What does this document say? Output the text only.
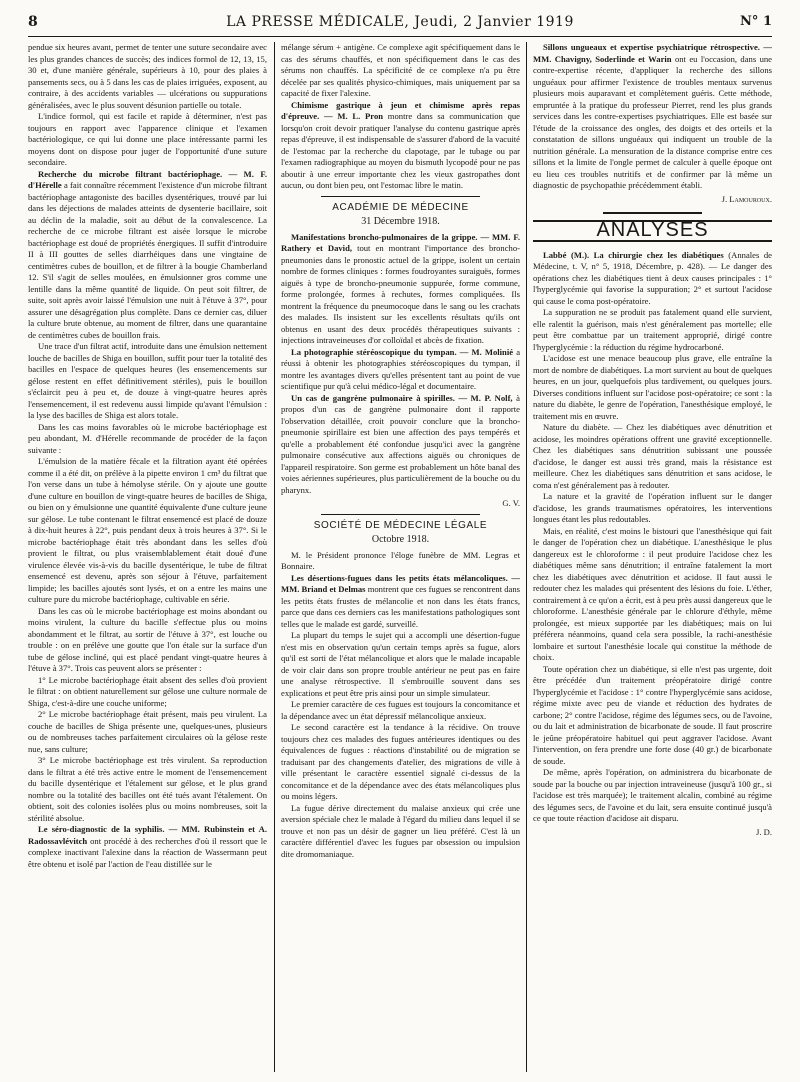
8	LA PRESSE MÉDICALE, Jeudi, 2 Janvier 1919	N° 1

pendue six heures avant, permet de tenter une suture secondaire avec les plus grandes chances de succès; des indices formol de 12, 13, 15, 30 et, d'une manière générale, supérieurs à 10, pour des plaies à pansements secs, ou à 5 dans les cas de plaies irriguées, exposent, au contraire, à des accidents variables — ulcérations ou suppurations généralisées, avec le plus souvent désunion partielle ou totale.

L'indice formol, qui est facile et rapide à déterminer, n'est pas toujours en rapport avec l'apparence clinique et l'examen bactériologique, ce qui lui donne une place intéressante parmi les moyens dont on dispose pour juger de l'opportunité d'une suture secondaire.

Recherche du microbe filtrant bactériophage. — M. F. d'Hérelle a fait connaître récemment l'existence d'un microbe filtrant bactériophage antagoniste des bacilles dysentériques, trouvé par lui dans les déjections de malades atteints de dysenterie bacillaire, soit au déclin de la maladie, soit au début de la convalescence. La recherche de ce microbe filtrant est aisée lorsque le microbe bactériophage est doué de propriétés énergiques. Il suffit d'introduire II à III gouttes de selles diarrhéiques dans une vingtaine de centimètres cubes de bouillon, et de filtrer à la bougie Chamberland 12. S'il s'agit de selles moulées, en émulsionner gros comme une lentille dans la même quantité de liquide. On peut soit filtrer, de suite, soit après avoir laissé l'émulsion une nuit à l'étuve à 37°, pour assurer une désagrégation plus complète. Dans ce dernier cas, diluer la culture brute obtenue, au moment de filtrer, dans une quarantaine de centimètres cubes de bouillon frais.

Une trace d'un filtrat actif, introduite dans une émulsion nettement louche de bacilles de Shiga en bouillon, suffit pour tuer la totalité des bacilles en l'espace de quelques heures (les ensemencements sur gélose restent en effet définitivement stériles), puis le bouillon s'éclaircit peu à peu et, de douze à vingt-quatre heures après l'ensemencement, il est redevenu aussi limpide qu'avant l'émulsion : la lyse des bacilles de Shiga est alors totale.

Dans les cas moins favorables où le microbe bactériophage est peu abondant, M. d'Hérelle recommande de procéder de la façon suivante :

L'émulsion de la matière fécale et la filtration ayant été opérées comme il a été dit, on prélève à la pipette environ 1 cm³ du filtrat que l'on verse dans un tube à hémolyse stérile. On y ajoute une goutte d'une culture en bouillon de vingt-quatre heures de bacilles de Shiga, ou bien on y émulsionne une quantité équivalente d'une culture jeune sur gélose. Le tube contenant le filtrat ensemencé est placé de douze à dix-huit heures à 22°, puis pendant deux à trois heures à 37°. Si le microbe bactériophage était très abondant dans les selles d'où provient le filtrat, ou plus vraisemblablement était doué d'une virulence élevée vis-à-vis du bacille dysentérique, le tube de filtrat ensemencé est devenu, après son séjour à l'étuve, parfaitement limpide; les bacilles ajoutés sont lysés, et on a entre les mains une culture pure du microbe bactériophage, cultivable en série.

Dans les cas où le microbe bactériophage est moins abondant ou moins virulent, la culture du bacille s'effectue plus ou moins abondamment et le filtrat, au sortir de l'étuve à 37°, est louche ou trouble : on en prélève une goutte que l'on étale sur la surface d'un tube de gélose incliné, qui est placé pendant vingt-quatre heures à l'étuve à 37°. Trois cas peuvent alors se présenter :

1° Le microbe bactériophage était absent des selles d'où provient le filtrat : on obtient naturellement sur gélose une culture normale de Shiga, c'est-à-dire une couche uniforme;

2° Le microbe bactériophage était présent, mais peu virulent. La couche de bacilles de Shiga présente une, quelques-unes, plusieurs ou de nombreuses taches parfaitement circulaires où la gélose reste nue, sans culture;

3° Le microbe bactériophage est très virulent. Sa reproduction dans le filtrat a été très active entre le moment de l'ensemencement du bacille dysentérique et l'étalement sur gélose, et le plus grand nombre ou la totalité des bacilles ont été tués avant l'étalement. On obtient, soit des colonies isolées plus ou moins nombreuses, soit la stérilité absolue.

Le séro-diagnostic de la syphilis. — MM. Rubinstein et A. Radossavlévitch ont procédé à des recherches d'où il ressort que le complexe inactivant l'alexine dans la réaction de Wassermann peut être obtenu et isolé par l'action de l'eau distillée sur le

mélange sérum + antigène. Ce complexe agit spécifiquement dans le cas des sérums chauffés, et non spécifiquement dans le cas des sérums non chauffés. La spécificité de ce complexe n'a pu être décelée par ses qualités physico-chimiques, mais uniquement par sa capacité de fixer l'alexine.

Chimisme gastrique à jeun et chimisme après repas d'épreuve. — M. L. Pron montre dans sa communication que lorsqu'on croit devoir pratiquer l'analyse du contenu gastrique après repas d'épreuve, il est indispensable de s'assurer d'abord de la vacuité de l'estomac par la recherche du clapotage, par le tubage ou par l'examen radiographique au moyen du bismuth lycopodé pour ne pas aboutir à une erreur importante chez les vieux gastropathes dont aucun, ou dont bien peu, ont l'estomac libre le matin.

ACADÉMIE DE MÉDECINE
31 Décembre 1918.

Manifestations broncho-pulmonaires de la grippe. — MM. F. Rathery et David, tout en montrant l'importance des broncho-pneumonies dans le pronostic actuel de la grippe, isolent un certain nombre de formes cliniques : formes foudroyantes suraiguës, formes aiguës à type de broncho-pneumonie suppurée, forme commune, forme prolongée, formes à rechutes, formes compliquées. Ils montrent la fréquence du pneumocoque dans le sang ou les crachats des malades. Ils insistent sur les excellents résultats qu'ils ont obtenus en usant des deux procédés thérapeutiques suivants : injections intraveineuses d'or colloïdal et abcès de fixation.

La photographie stéréoscopique du tympan. — M. Molinié a réussi à obtenir les photographies stéréoscopiques du tympan, il montre les avantages divers qu'elles présentent tant au point de vue scientifique pur qu'à celui médico-légal et documentaire.

Un cas de gangrène pulmonaire à spirilles. — M. P. Nolf, à propos d'un cas de gangrène pulmonaire dont il rapporte l'observation détaillée, croit pouvoir conclure que la broncho-pneumonie spirillaire est bien une affection des pays tempérés et qu'elle a probablement été confondue jusqu'ici avec la gangrène pulmonaire consécutive aux affections aiguës ou chroniques de l'appareil respiratoire. Son germe est probablement un hôte banal des voies aériennes supérieures, plus particulièrement de la bouche ou du pharynx.

G. V.

SOCIÉTÉ DE MÉDECINE LÉGALE
Octobre 1918.

M. le Président prononce l'éloge funèbre de MM. Legras et Bonnaire.

Les désertions-fugues dans les petits états mélancoliques. — MM. Briand et Delmas montrent que ces fugues se rencontrent dans les petits états frustes de mélancolie et non dans les états francs, parce que dans ces derniers cas les manifestations pathologiques sont telles que le malade est gardé, surveillé.

La plupart du temps le sujet qui a accompli une désertion-fugue n'est mis en observation qu'un certain temps après sa fugue, alors qu'il est sorti de l'état mélancolique et alors que le malade incapable de voir clair dans son propre trouble antérieur ne peut pas en faire une analyse rétrospective. Il s'embrouille souvent dans ses explications et peut être pris ainsi pour un simple simulateur.

Le premier caractère de ces fugues est toujours la concomitance et la dépendance avec un état dépressif mélancolique anxieux.

Le second caractère est la tendance à la récidive. On trouve toujours chez ces malades des fugues antérieures identiques ou des équivalences de fugues : réactions d'instabilité ou de migration se traduisant par des changements d'atelier, des migrations de ville à ville présentant le caractère essentiel signalé ci-dessus de la concomitance et de la dépendance avec des états mélancoliques plus ou moins légers.

La fugue dérive directement du malaise anxieux qui crée une aversion spéciale chez le malade à l'égard du milieu dans lequel il se trouve et non pas un désir de gagner un lieu préféré. C'est là un caractère différentiel d'avec les fugues par obsession ou impulsion dite dromomaniaque.

Sillons ungueaux et expertise psychiatrique rétrospective. — MM. Chavigny, Soderlinde et Warin ont eu l'occasion, dans une contre-expertise récente, d'appliquer la recherche des sillons unguéaux pour affirmer l'existence de troubles mentaux survenus plusieurs mois auparavant et complètement guéris. Cette méthode, empruntée à la pratique du professeur Pierret, rend les plus grands services dans les contre-expertises psychiatriques. Elle est basée sur l'étude de la croissance des ongles, des doigts et des orteils et la constatation de sillons unguéaux qui indiquent un trouble de la nutrition générale. La mensuration de la distance comprise entre ces sillons et la limite de l'ongle permet de calculer à quelle époque ont eu lieu ces troubles nutritifs et de confirmer par là même un diagnostic de psychopathie précédemment établi.

J. Lamouroux.

ANALYSES

Labbé (M.). La chirurgie chez les diabétiques (Annales de Médecine, t. V, n° 5, 1918, Décembre, p. 428). — Le danger des opérations chez les diabétiques tient à deux causes principales : 1° l'hyperglycémie qui favorise la suppuration; 2° et surtout l'acidose qui cause le coma post-opératoire.

La suppuration ne se produit pas fatalement quand elle survient, elle ralentit la guérison, mais n'est généralement pas mortelle; elle peut être combattue par un traitement approprié, dirigé contre l'hyperglycémie : la réduction du régime hydrocarboné.

L'acidose est une menace beaucoup plus grave, elle entraîne la mort de nombre de diabétiques. La mort survient au bout de quelques heures, en un jour, quelquefois plus tardivement, ou quelques jours. Diverses conditions influent sur l'acidose post-opératoire; ce sont : la nature du diabète, le genre de l'opération, l'anesthésique employé, le traitement mis en œuvre.

Nature du diabète. — Chez les diabétiques avec dénutrition et acidose, les moindres opérations offrent une gravité exceptionnelle. Chez les diabétiques sans dénutrition subissant une poussée d'acidose, le danger est aussi très grand, mais la résistance est meilleure. Chez les diabétiques sans dénutrition et sans acidose, le coma n'est généralement pas à redouter.

La nature et la gravité de l'opération influent sur le danger d'acidose, les grands traumatismes opératoires, les interventions longues étant les plus redoutables.

Mais, en réalité, c'est moins le bistouri que l'anesthésique qui fait le danger de l'opération chez un diabétique. L'anesthésique le plus dangereux est le chloroforme : il peut produire l'acidose chez les diabétiques même sans dénutrition; il entraîne fatalement la mort chez les diabétiques avec dénutrition et acidose. Il faut aussi le redouter chez les malades qui présentent des lésions du foie. L'éther, contrairement à ce qu'on a écrit, est à peu près aussi dangereux que le chloroforme. L'anesthésie générale par le chlorure d'éthyle, même prolongée, est mieux supportée par les diabétiques; mais on lui préférera néanmoins, quand cela sera possible, la rachi-anesthésie lombaire et surtout l'anesthésie locale qui constitue la méthode de choix.

Toute opération chez un diabétique, si elle n'est pas urgente, doit être précédée d'un traitement préopératoire dirigé contre l'hyperglycémie et l'acidose : 1° contre l'hyperglycémie sans acidose, régime mixte avec peu de viande et réduction des hydrates de carbone; 2° contre l'acidose, régime des légumes secs, ou de l'avoine, ou du lait et administration de bicarbonate de soude. Il faut proscrire le jeûne préopératoire habituel qui peut aggraver l'acidose. Avant l'intervention, on fera prendre une forte dose (40 gr.) de bicarbonate de soude.

De même, après l'opération, on administrera du bicarbonate de soude par la bouche ou par injection intraveineuse (jusqu'à 100 gr., si l'acidose est très marquée); le traitement alcalin, combiné au régime des légumes secs, de l'avoine et du lait, sera ensuite continué jusqu'à ce que toute réaction d'acidose ait disparu.

J. D.
